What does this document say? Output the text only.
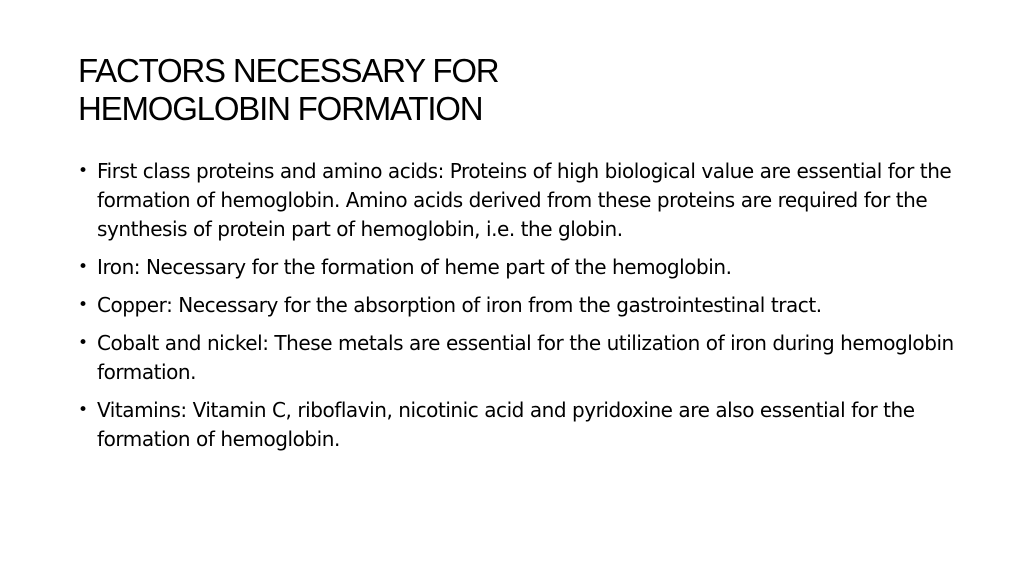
FACTORS NECESSARY FOR
HEMOGLOBIN FORMATION
• First class proteins and amino acids: Proteins of high biological value are essential for the formation of hemoglobin. Amino acids derived from these proteins are required for the synthesis of protein part of hemoglobin, i.e. the globin.
• Iron: Necessary for the formation of heme part of the hemoglobin.
• Copper: Necessary for the absorption of iron from the gastrointestinal tract.
• Cobalt and nickel: These metals are essential for the utilization of iron during hemoglobin formation.
• Vitamins: Vitamin C, riboflavin, nicotinic acid and pyridoxine are also essential for the formation of hemoglobin.
